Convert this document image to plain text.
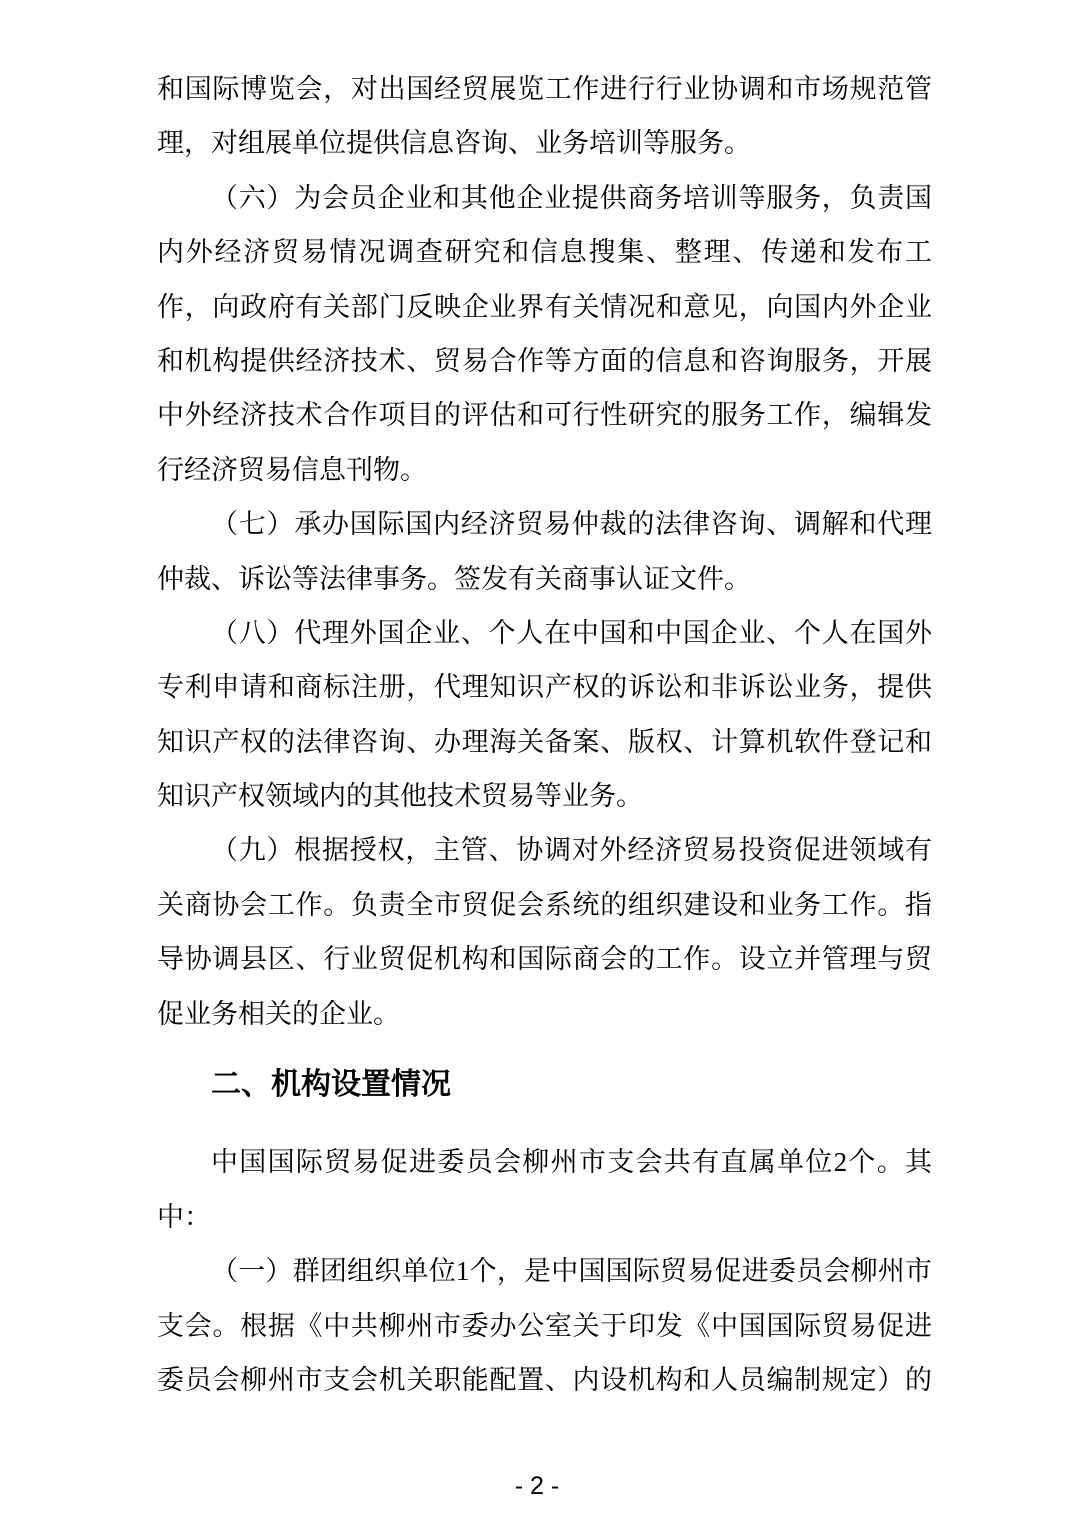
和国际博览会，对出国经贸展览工作进行行业协调和市场规范管
理，对组展单位提供信息咨询、业务培训等服务。
（六）为会员企业和其他企业提供商务培训等服务，负责国
内外经济贸易情况调查研究和信息搜集、整理、传递和发布工
作，向政府有关部门反映企业界有关情况和意见，向国内外企业
和机构提供经济技术、贸易合作等方面的信息和咨询服务，开展
中外经济技术合作项目的评估和可行性研究的服务工作，编辑发
行经济贸易信息刊物。
（七）承办国际国内经济贸易仲裁的法律咨询、调解和代理
仲裁、诉讼等法律事务。签发有关商事认证文件。
（八）代理外国企业、个人在中国和中国企业、个人在国外
专利申请和商标注册，代理知识产权的诉讼和非诉讼业务，提供
知识产权的法律咨询、办理海关备案、版权、计算机软件登记和
知识产权领域内的其他技术贸易等业务。
（九）根据授权，主管、协调对外经济贸易投资促进领域有
关商协会工作。负责全市贸促会系统的组织建设和业务工作。指
导协调县区、行业贸促机构和国际商会的工作。设立并管理与贸
促业务相关的企业。
二、机构设置情况
中国国际贸易促进委员会柳州市支会共有直属单位2个。其
中：
（一）群团组织单位1个，是中国国际贸易促进委员会柳州市
支会。根据《中共柳州市委办公室关于印发《中国国际贸易促进
委员会柳州市支会机关职能配置、内设机构和人员编制规定）的
- 2 -
